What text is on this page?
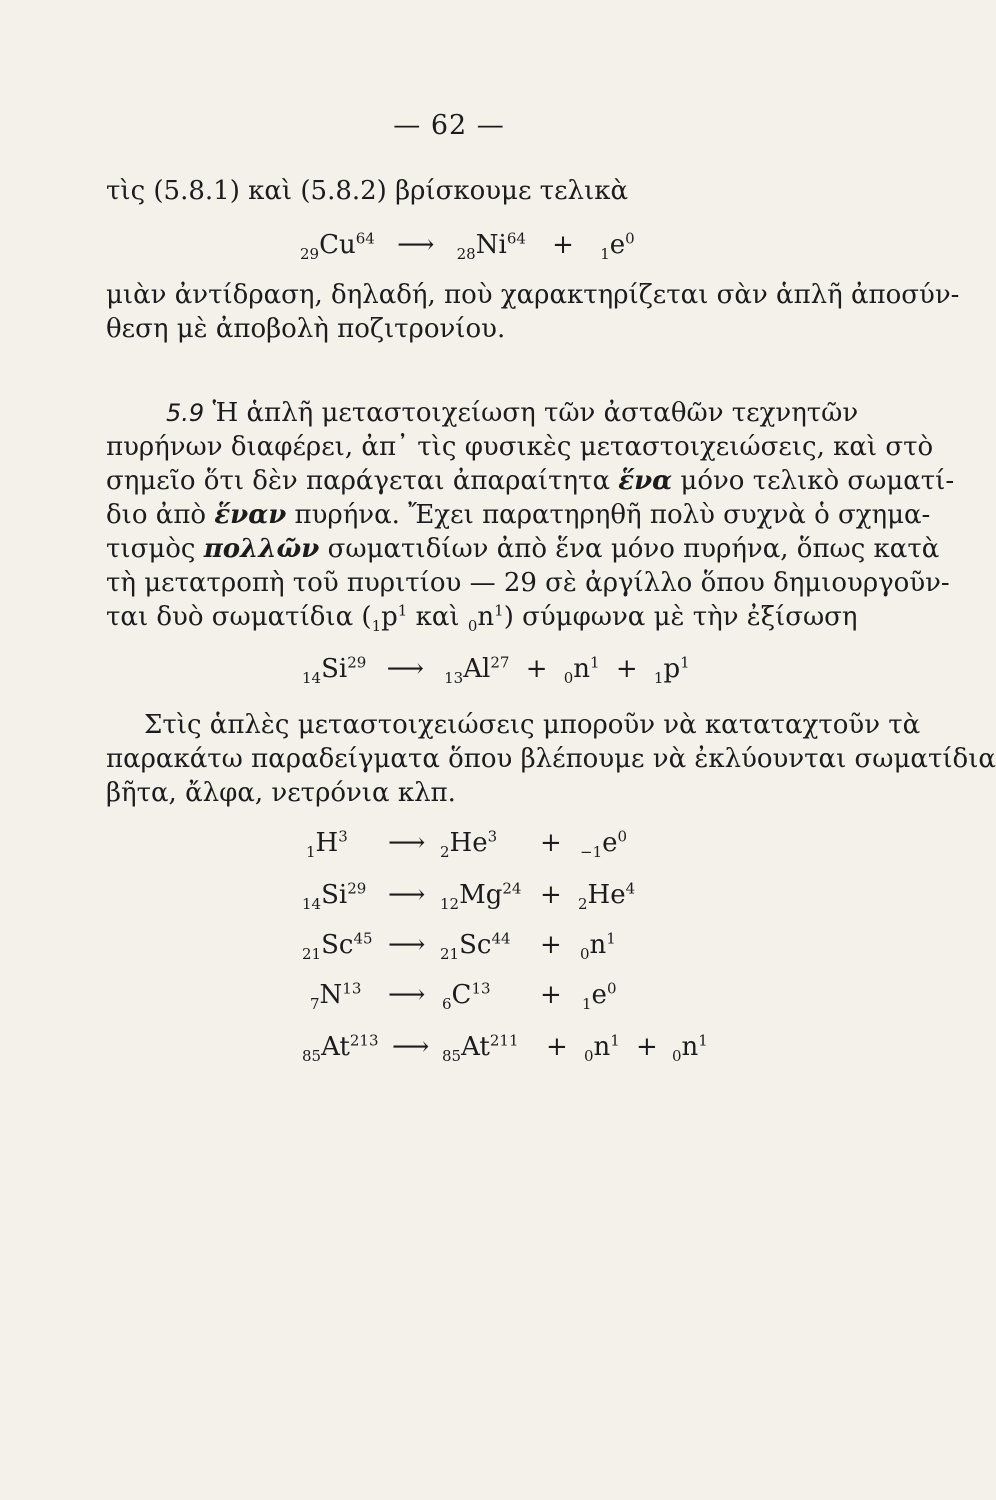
— 62 —
τὶς (5.8.1) καὶ (5.8.2) βρίσκουμε τελικὰ
$_{29}Cu^{64}$ ⟶ $_{28}Ni^{64} + _1e^0$
μιὰν ἀντίδραση, δηλαδή, ποὺ χαρακτηρίζεται σὰν ἁπλῆ ἀποσύν-
θεση μὲ ἀποβολὴ ποζιτρονίου.
5.9 Ἡ ἁπλῆ μεταστοιχείωση τῶν ἀσταθῶν τεχνητῶν
πυρήνων διαφέρει, ἀπ᾽ τὶς φυσικὲς μεταστοιχειώσεις, καὶ στὸ
σημεῖο ὅτι δὲν παράγεται ἀπαραίτητα ἕνα μόνο τελικὸ σωματί-
διο ἀπὸ ἕναν πυρήνα. Ἔχει παρατηρηθῆ πολὺ συχνὰ ὁ σχημα-
τισμὸς πολλῶν σωματιδίων ἀπὸ ἕνα μόνο πυρήνα, ὅπως κατὰ
τὴ μετατροπὴ τοῦ πυριτίου — 29 σὲ ἀργίλλο ὅπου δημιουργοῦν-
ται δυὸ σωματίδια ($_1p^1$ καὶ $_0n^1$) σύμφωνα μὲ τὴν ἐξίσωση
$_{14}Si^{29}$ ⟶ $_{13}Al^{27} + _0n^1 + _1p^1$
Στὶς ἁπλὲς μεταστοιχειώσεις μποροῦν νὰ καταταχτοῦν τὰ
παρακάτω παραδείγματα ὅπου βλέπουμε νὰ ἐκλύουνται σωματίδια
βῆτα, ἄλφα, νετρόνια κλπ.
$_1H^3$ ⟶ $_2He^3 + _{-1}e^0$
$_{14}Si^{29}$ ⟶ $_{12}Mg^{24} + _2He^4$
$_{21}Sc^{45}$ ⟶ $_{21}Sc^{44} + _0n^1$
$_7N^{13}$ ⟶ $_6C^{13} + _1e^0$
$_{85}At^{213}$ ⟶ $_{85}At^{211} + _0n^1 + _0n^1$
